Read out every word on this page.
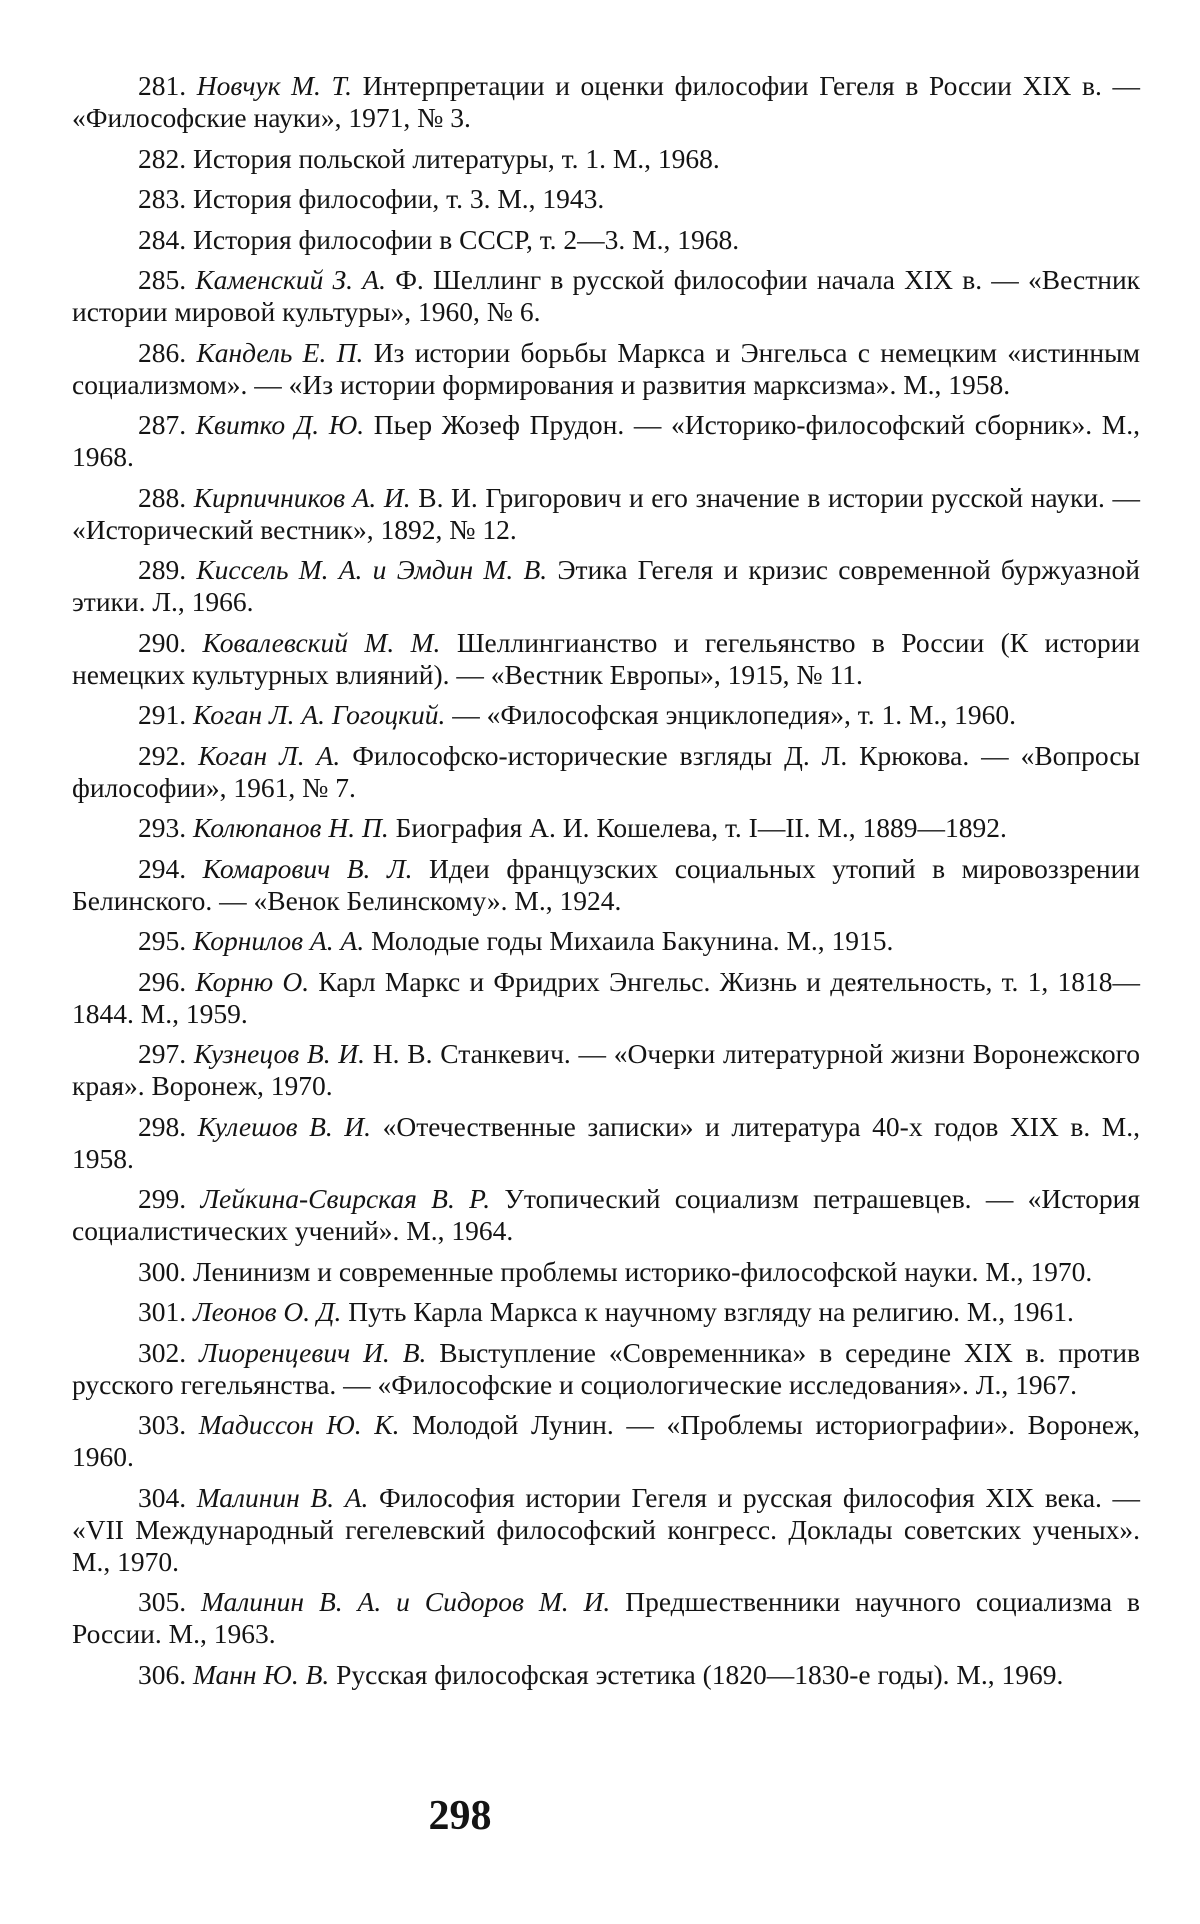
281. Новчук М. Т. Интерпретации и оценки философии Гегеля в России XIX в. — «Философские науки», 1971, № 3.

282. История польской литературы, т. 1. М., 1968.

283. История философии, т. 3. М., 1943.

284. История философии в СССР, т. 2—3. М., 1968.

285. Каменский З. А. Ф. Шеллинг в русской философии начала XIX в. — «Вестник истории мировой культуры», 1960, № 6.

286. Кандель Е. П. Из истории борьбы Маркса и Энгельса с немецким «истинным социализмом». — «Из истории формирования и развития марксизма». М., 1958.

287. Квитко Д. Ю. Пьер Жозеф Прудон. — «Историко-философский сборник». М., 1968.

288. Кирпичников А. И. В. И. Григорович и его значение в истории русской науки. — «Исторический вестник», 1892, № 12.

289. Киссель М. А. и Эмдин М. В. Этика Гегеля и кризис современной буржуазной этики. Л., 1966.

290. Ковалевский М. М. Шеллингианство и гегельянство в России (К истории немецких культурных влияний). — «Вестник Европы», 1915, № 11.

291. Коган Л. А. Гогоцкий. — «Философская энциклопедия», т. 1. М., 1960.

292. Коган Л. А. Философско-исторические взгляды Д. Л. Крюкова. — «Вопросы философии», 1961, № 7.

293. Колюпанов Н. П. Биография А. И. Кошелева, т. I—II. М., 1889—1892.

294. Комарович В. Л. Идеи французских социальных утопий в мировоззрении Белинского. — «Венок Белинскому». М., 1924.

295. Корнилов А. А. Молодые годы Михаила Бакунина. М., 1915.

296. Корню О. Карл Маркс и Фридрих Энгельс. Жизнь и деятельность, т. 1, 1818—1844. М., 1959.

297. Кузнецов В. И. Н. В. Станкевич. — «Очерки литературной жизни Воронежского края». Воронеж, 1970.

298. Кулешов В. И. «Отечественные записки» и литература 40-х годов XIX в. М., 1958.

299. Лейкина-Свирская В. Р. Утопический социализм петрашевцев. — «История социалистических учений». М., 1964.

300. Ленинизм и современные проблемы историко-философской науки. М., 1970.

301. Леонов О. Д. Путь Карла Маркса к научному взгляду на религию. М., 1961.

302. Лиоренцевич И. В. Выступление «Современника» в середине XIX в. против русского гегельянства. — «Философские и социологические исследования». Л., 1967.

303. Мадиссон Ю. К. Молодой Лунин. — «Проблемы историографии». Воронеж, 1960.

304. Малинин В. А. Философия истории Гегеля и русская философия XIX века. — «VII Международный гегелевский философский конгресс. Доклады советских ученых». М., 1970.

305. Малинин В. А. и Сидоров М. И. Предшественники научного социализма в России. М., 1963.

306. Манн Ю. В. Русская философская эстетика (1820—1830-е годы). М., 1969.

298
